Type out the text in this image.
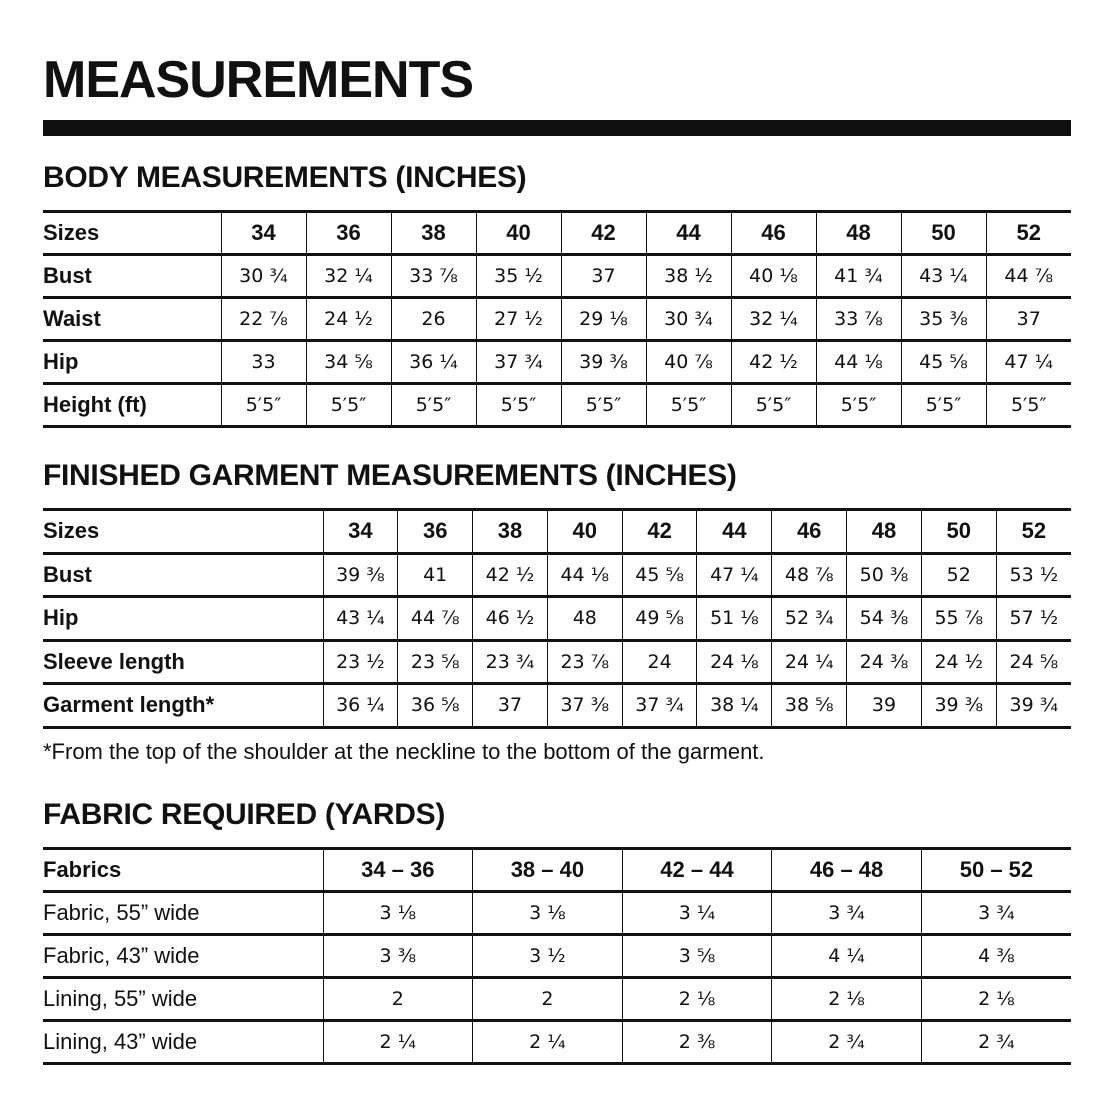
MEASUREMENTS
BODY MEASUREMENTS (INCHES)
Sizes	34	36	38	40	42	44	46	48	50	52
Bust	30 ¾	32 ¼	33 ⅞	35 ½	37	38 ½	40 ⅛	41 ¾	43 ¼	44 ⅞
Waist	22 ⅞	24 ½	26	27 ½	29 ⅛	30 ¾	32 ¼	33 ⅞	35 ⅜	37
Hip	33	34 ⅝	36 ¼	37 ¾	39 ⅜	40 ⅞	42 ½	44 ⅛	45 ⅝	47 ¼
Height (ft)	5′5″	5′5″	5′5″	5′5″	5′5″	5′5″	5′5″	5′5″	5′5″	5′5″
FINISHED GARMENT MEASUREMENTS (INCHES)
Sizes	34	36	38	40	42	44	46	48	50	52
Bust	39 ⅜	41	42 ½	44 ⅛	45 ⅝	47 ¼	48 ⅞	50 ⅜	52	53 ½
Hip	43 ¼	44 ⅞	46 ½	48	49 ⅝	51 ⅛	52 ¾	54 ⅜	55 ⅞	57 ½
Sleeve length	23 ½	23 ⅝	23 ¾	23 ⅞	24	24 ⅛	24 ¼	24 ⅜	24 ½	24 ⅝
Garment length*	36 ¼	36 ⅝	37	37 ⅜	37 ¾	38 ¼	38 ⅝	39	39 ⅜	39 ¾

*From the top of the shoulder at the neckline to the bottom of the garment.

FABRIC REQUIRED (YARDS)
Fabrics	34 – 36	38 – 40	42 – 44	46 – 48	50 – 52
Fabric, 55” wide	3 ⅛	3 ⅛	3 ¼	3 ¾	3 ¾
Fabric, 43” wide	3 ⅜	3 ½	3 ⅝	4 ¼	4 ⅜
Lining, 55” wide	2	2	2 ⅛	2 ⅛	2 ⅛
Lining, 43” wide	2 ¼	2 ¼	2 ⅜	2 ¾	2 ¾
